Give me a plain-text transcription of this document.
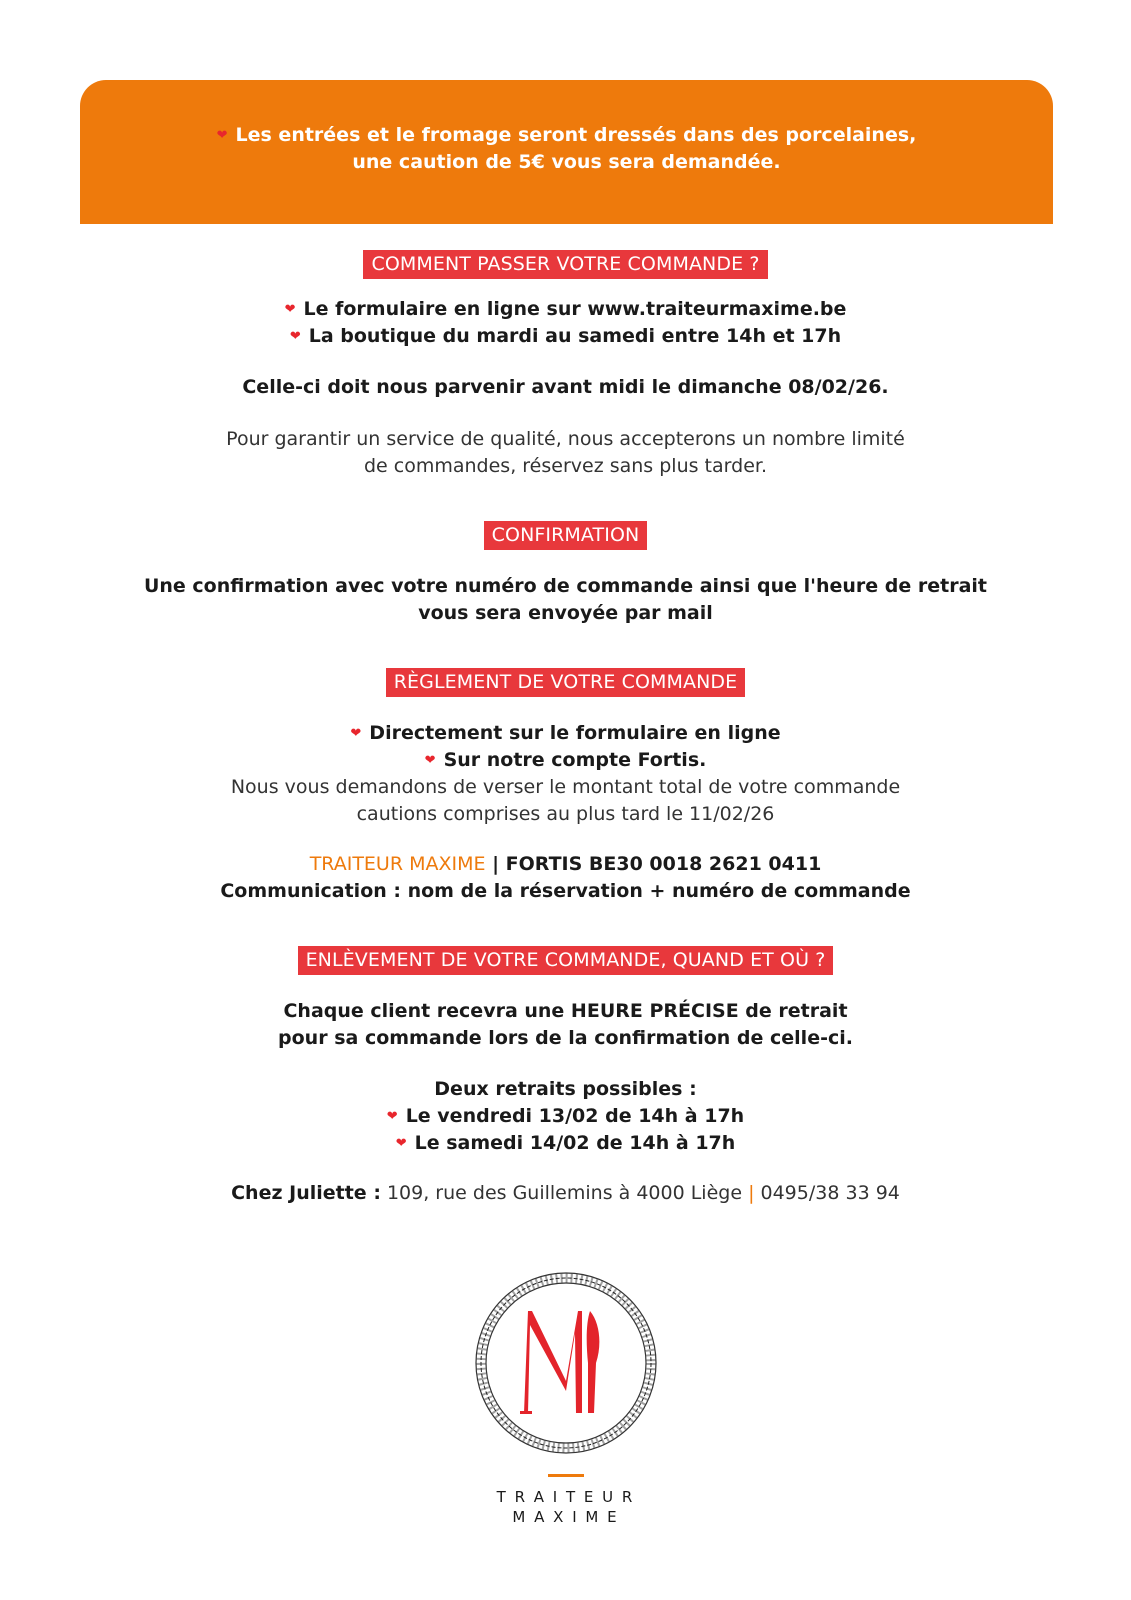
❤ Les entrées et le fromage seront dressés dans des porcelaines,
une caution de 5€ vous sera demandée.
COMMENT PASSER VOTRE COMMANDE ?
❤ Le formulaire en ligne sur www.traiteurmaxime.be
❤ La boutique du mardi au samedi entre 14h et 17h
Celle-ci doit nous parvenir avant midi le dimanche 08/02/26.
Pour garantir un service de qualité, nous accepterons un nombre limité
de commandes, réservez sans plus tarder.
CONFIRMATION
Une confirmation avec votre numéro de commande ainsi que l'heure de retrait
vous sera envoyée par mail
RÈGLEMENT DE VOTRE COMMANDE
❤ Directement sur le formulaire en ligne
❤ Sur notre compte Fortis.
Nous vous demandons de verser le montant total de votre commande
cautions comprises au plus tard le 11/02/26
TRAITEUR MAXIME | FORTIS BE30 0018 2621 0411
Communication : nom de la réservation + numéro de commande
ENLÈVEMENT DE VOTRE COMMANDE, QUAND ET OÙ ?
Chaque client recevra une HEURE PRÉCISE de retrait
pour sa commande lors de la confirmation de celle-ci.
Deux retraits possibles :
❤ Le vendredi 13/02 de 14h à 17h
❤ Le samedi 14/02 de 14h à 17h
Chez Juliette : 109, rue des Guillemins à 4000 Liège | 0495/38 33 94
T R A I T E U R
M A X I M E
